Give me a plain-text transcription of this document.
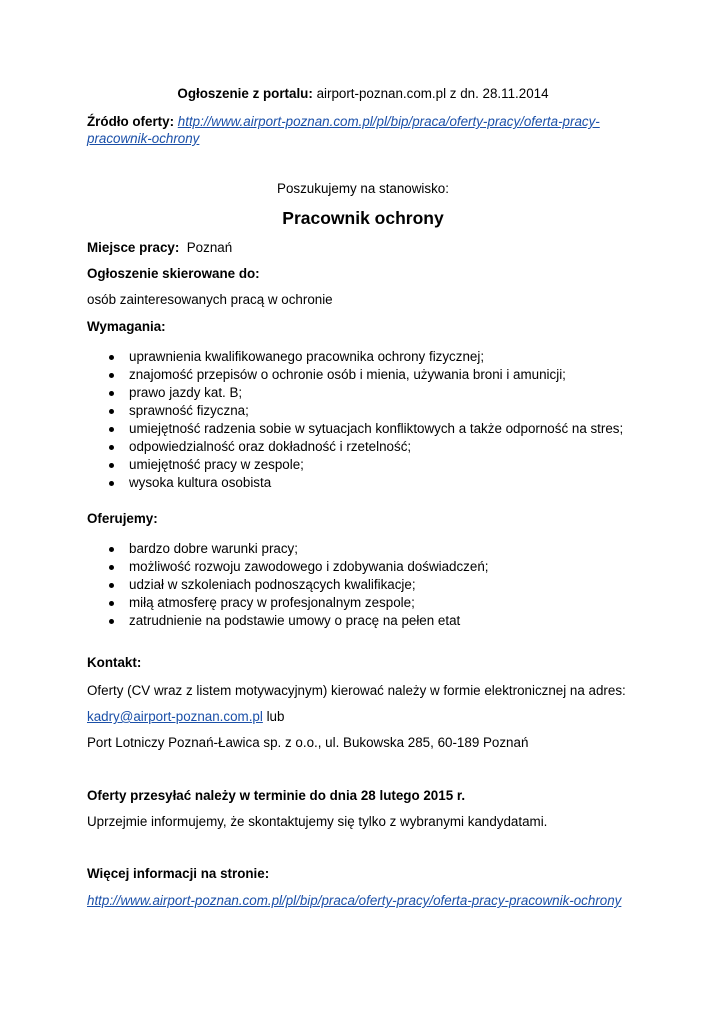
Ogłoszenie z portalu: airport-poznan.com.pl z dn. 28.11.2014

Źródło oferty: http://www.airport-poznan.com.pl/pl/bip/praca/oferty-pracy/oferta-pracy-

pracownik-ochrony

Poszukujemy na stanowisko:

Pracownik ochrony

Miejsce pracy: Poznań

Ogłoszenie skierowane do:

osób zainteresowanych pracą w ochronie

Wymagania:

uprawnienia kwalifikowanego pracownika ochrony fizycznej;
znajomość przepisów o ochronie osób i mienia, używania broni i amunicji;
prawo jazdy kat. B;
sprawność fizyczna;
umiejętność radzenia sobie w sytuacjach konfliktowych a także odporność na stres;
odpowiedzialność oraz dokładność i rzetelność;
umiejętność pracy w zespole;
wysoka kultura osobista

Oferujemy:

bardzo dobre warunki pracy;
możliwość rozwoju zawodowego i zdobywania doświadczeń;
udział w szkoleniach podnoszących kwalifikacje;
miłą atmosferę pracy w profesjonalnym zespole;
zatrudnienie na podstawie umowy o pracę na pełen etat

Kontakt:

Oferty (CV wraz z listem motywacyjnym) kierować należy w formie elektronicznej na adres:

kadry@airport-poznan.com.pl lub

Port Lotniczy Poznań-Ławica sp. z o.o., ul. Bukowska 285, 60-189 Poznań

Oferty przesyłać należy w terminie do dnia 28 lutego 2015 r.

Uprzejmie informujemy, że skontaktujemy się tylko z wybranymi kandydatami.

Więcej informacji na stronie:

http://www.airport-poznan.com.pl/pl/bip/praca/oferty-pracy/oferta-pracy-pracownik-ochrony
